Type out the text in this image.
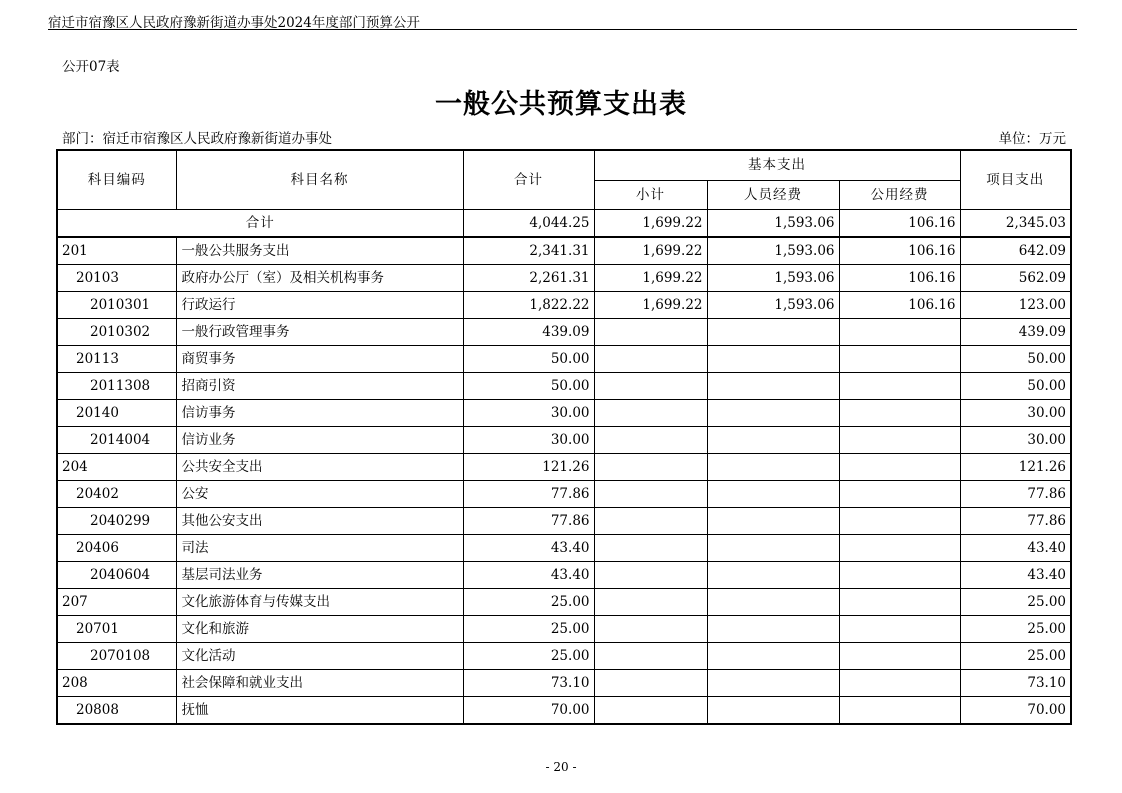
宿迁市宿豫区人民政府豫新街道办事处2024年度部门预算公开
公开07表
一般公共预算支出表
部门：宿迁市宿豫区人民政府豫新街道办事处	单位：万元
科目编码	科目名称	合计	基本支出			项目支出
			小计	人员经费	公用经费	
合计		4,044.25	1,699.22	1,593.06	106.16	2,345.03
201	一般公共服务支出	2,341.31	1,699.22	1,593.06	106.16	642.09
20103	政府办公厅（室）及相关机构事务	2,261.31	1,699.22	1,593.06	106.16	562.09
2010301	行政运行	1,822.22	1,699.22	1,593.06	106.16	123.00
2010302	一般行政管理事务	439.09				439.09
20113	商贸事务	50.00				50.00
2011308	招商引资	50.00				50.00
20140	信访事务	30.00				30.00
2014004	信访业务	30.00				30.00
204	公共安全支出	121.26				121.26
20402	公安	77.86				77.86
2040299	其他公安支出	77.86				77.86
20406	司法	43.40				43.40
2040604	基层司法业务	43.40				43.40
207	文化旅游体育与传媒支出	25.00				25.00
20701	文化和旅游	25.00				25.00
2070108	文化活动	25.00				25.00
208	社会保障和就业支出	73.10				73.10
20808	抚恤	70.00				70.00
- 20 -
